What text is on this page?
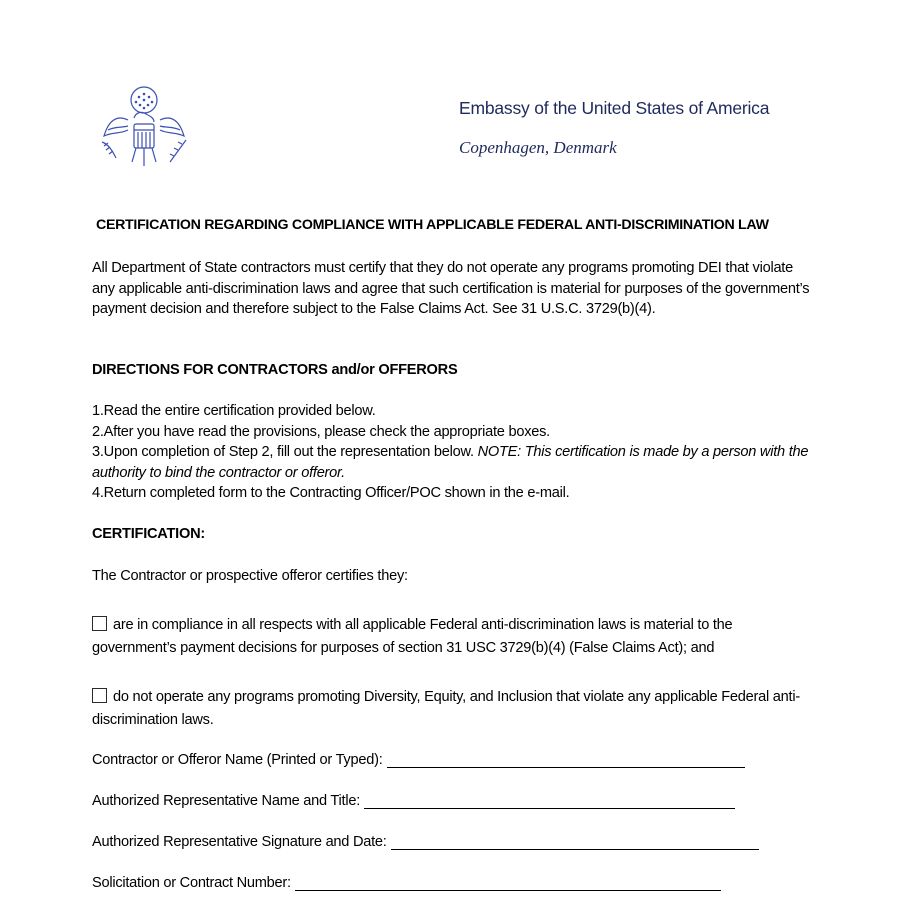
Embassy of the United States of America
Copenhagen, Denmark
CERTIFICATION REGARDING COMPLIANCE WITH APPLICABLE FEDERAL ANTI-DISCRIMINATION LAW
All Department of State contractors must certify that they do not operate any programs promoting DEI that violate any applicable anti-discrimination laws and agree that such certification is material for purposes of the government’s payment decision and therefore subject to the False Claims Act. See 31 U.S.C. 3729(b)(4).
DIRECTIONS FOR CONTRACTORS and/or OFFERORS
1.Read the entire certification provided below.
2.After you have read the provisions, please check the appropriate boxes.
3.Upon completion of Step 2, fill out the representation below. NOTE: This certification is made by a person with the authority to bind the contractor or offeror.
4.Return completed form to the Contracting Officer/POC shown in the e-mail.
CERTIFICATION:
The Contractor or prospective offeror certifies they:
are in compliance in all respects with all applicable Federal anti-discrimination laws is material to the government’s payment decisions for purposes of section 31 USC 3729(b)(4) (False Claims Act); and
do not operate any programs promoting Diversity, Equity, and Inclusion that violate any applicable Federal anti-discrimination laws.
Contractor or Offeror Name (Printed or Typed):
Authorized Representative Name and Title:
Authorized Representative Signature and Date:
Solicitation or Contract Number:
